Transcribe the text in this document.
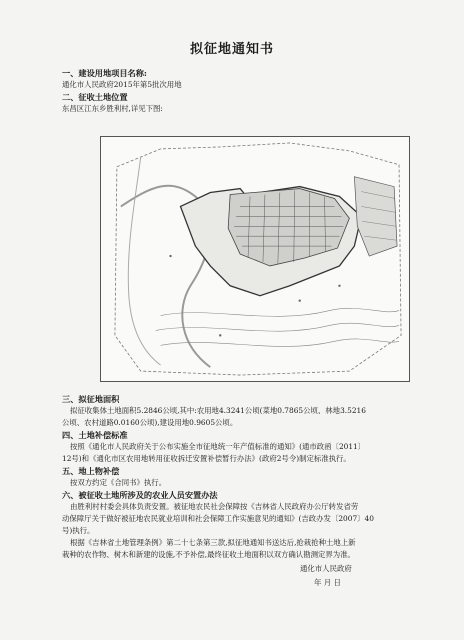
拟征地通知书
一、建设用地项目名称:
通化市人民政府2015年第5批次用地
二、征收土地位置
东昌区江东乡胜利村,详见下图:
三、拟征地面积
拟征收集体土地面积5.2846公顷,其中:农用地4.3241公顷(菜地0.7865公顷、林地3.5216
公顷、农村道路0.0160公顷),建设用地0.9605公顷。
四、土地补偿标准
按照《通化市人民政府关于公布实施全市征地统一年产值标准的通知》(通市政函〔2011〕
12号)和《通化市区农用地转用征收拆迁安置补偿暂行办法》(政府2号令)制定标准执行。
五、地上物补偿
按双方约定《合同书》执行。
六、被征收土地所涉及的农业人员安置办法
由胜利村村委会具体负责安置。被征地农民社会保障按《吉林省人民政府办公厅转发省劳
动保障厅关于做好被征地农民就业培训和社会保障工作实施意见的通知》(吉政办发〔2007〕40
号)执行。
根据《吉林省土地管理条例》第二十七条第三款,拟征地通知书送达后,抢栽抢种土地上新
栽种的农作物、树木和新建的设施,不予补偿,最终征收土地面积以双方确认勘测定界为准。
通化市人民政府
年 月 日
